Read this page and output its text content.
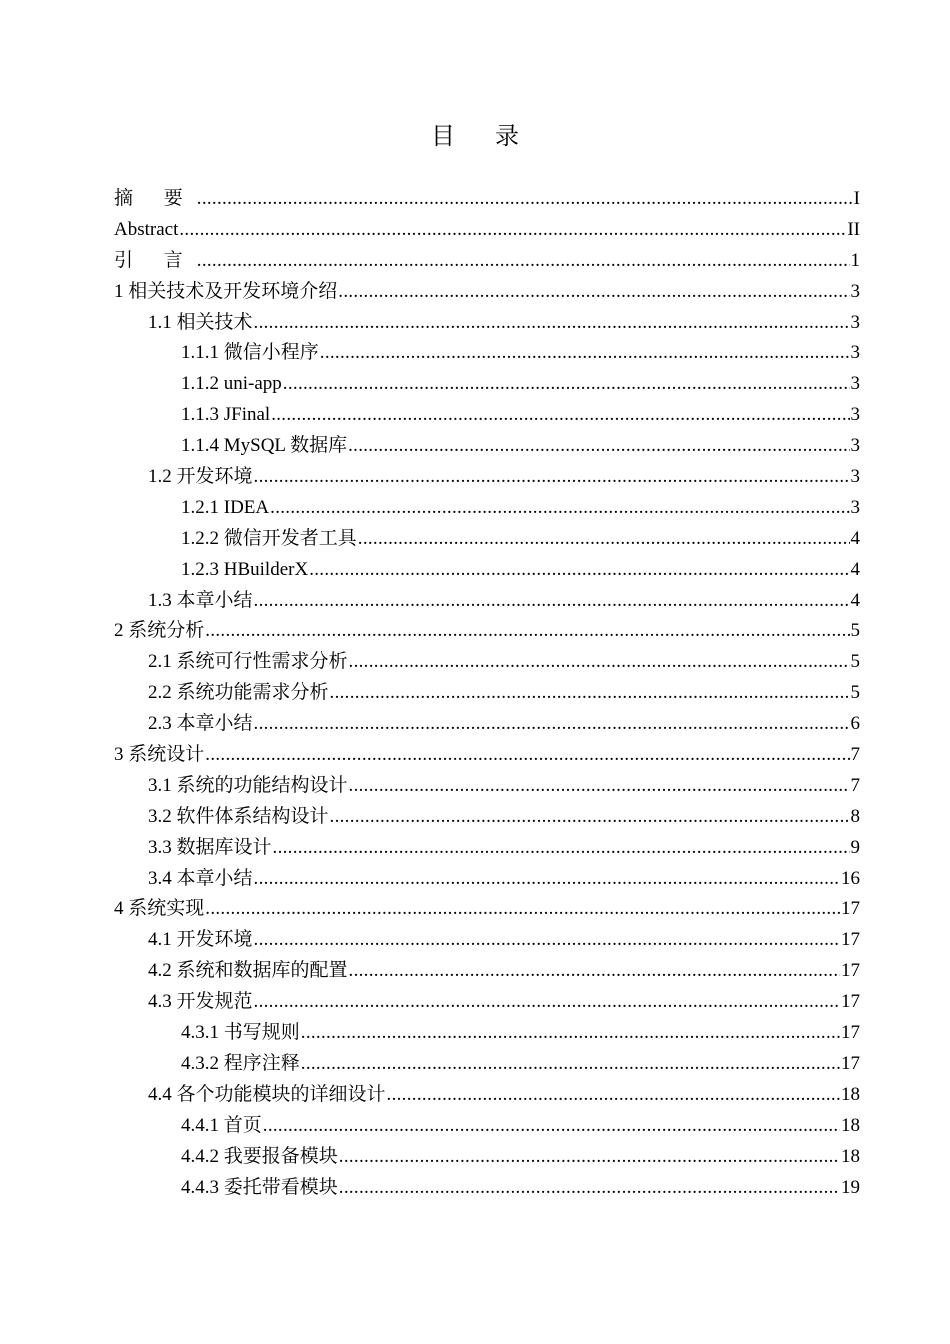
目 录
摘 要 .....	I
Abstract .....	II
引 言 .....	1
1 相关技术及开发环境介绍 .....	3
1.1 相关技术 .....	3
1.1.1 微信小程序 .....	3
1.1.2 uni-app .....	3
1.1.3 JFinal .....	3
1.1.4 MySQL 数据库 .....	3
1.2 开发环境 .....	3
1.2.1 IDEA .....	3
1.2.2 微信开发者工具 .....	4
1.2.3 HBuilderX .....	4
1.3 本章小结 .....	4
2 系统分析 .....	5
2.1 系统可行性需求分析 .....	5
2.2 系统功能需求分析 .....	5
2.3 本章小结 .....	6
3 系统设计 .....	7
3.1 系统的功能结构设计 .....	7
3.2 软件体系结构设计 .....	8
3.3 数据库设计 .....	9
3.4 本章小结 .....	16
4 系统实现 .....	17
4.1 开发环境 .....	17
4.2 系统和数据库的配置 .....	17
4.3 开发规范 .....	17
4.3.1 书写规则 .....	17
4.3.2 程序注释 .....	17
4.4 各个功能模块的详细设计 .....	18
4.4.1 首页 .....	18
4.4.2 我要报备模块 .....	18
4.4.3 委托带看模块 .....	19
